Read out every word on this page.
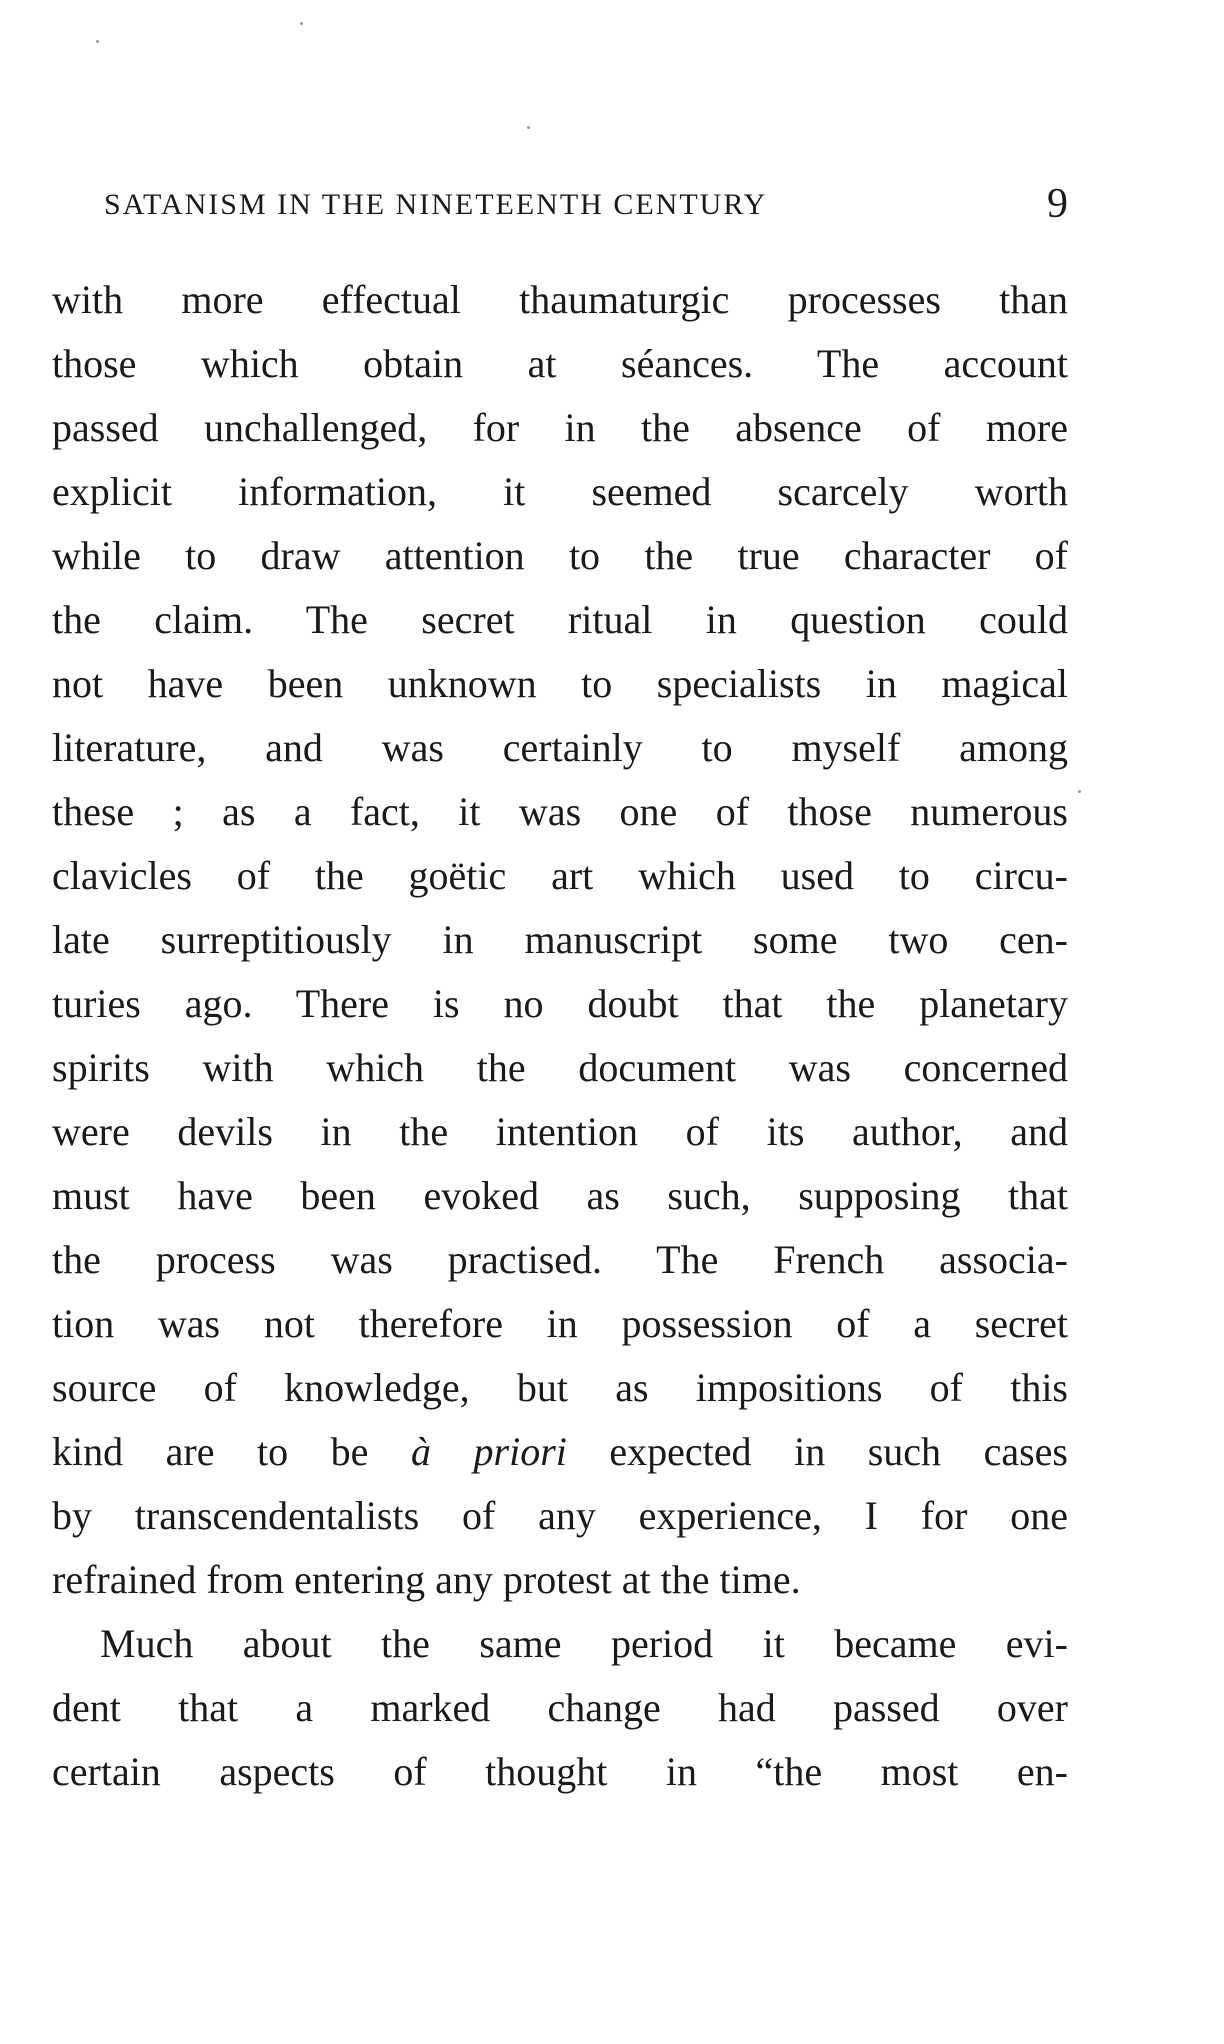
SATANISM IN THE NINETEENTH CENTURY	9
with more effectual thaumaturgic processes than
those which obtain at séances. The account
passed unchallenged, for in the absence of more
explicit information, it seemed scarcely worth
while to draw attention to the true character of
the claim. The secret ritual in question could
not have been unknown to specialists in magical
literature, and was certainly to myself among
these ; as a fact, it was one of those numerous
clavicles of the goëtic art which used to circu-
late surreptitiously in manuscript some two cen-
turies ago. There is no doubt that the planetary
spirits with which the document was concerned
were devils in the intention of its author, and
must have been evoked as such, supposing that
the process was practised. The French associa-
tion was not therefore in possession of a secret
source of knowledge, but as impositions of this
kind are to be à priori expected in such cases
by transcendentalists of any experience, I for one
refrained from entering any protest at the time.
Much about the same period it became evi-
dent that a marked change had passed over
certain aspects of thought in “the most en-
